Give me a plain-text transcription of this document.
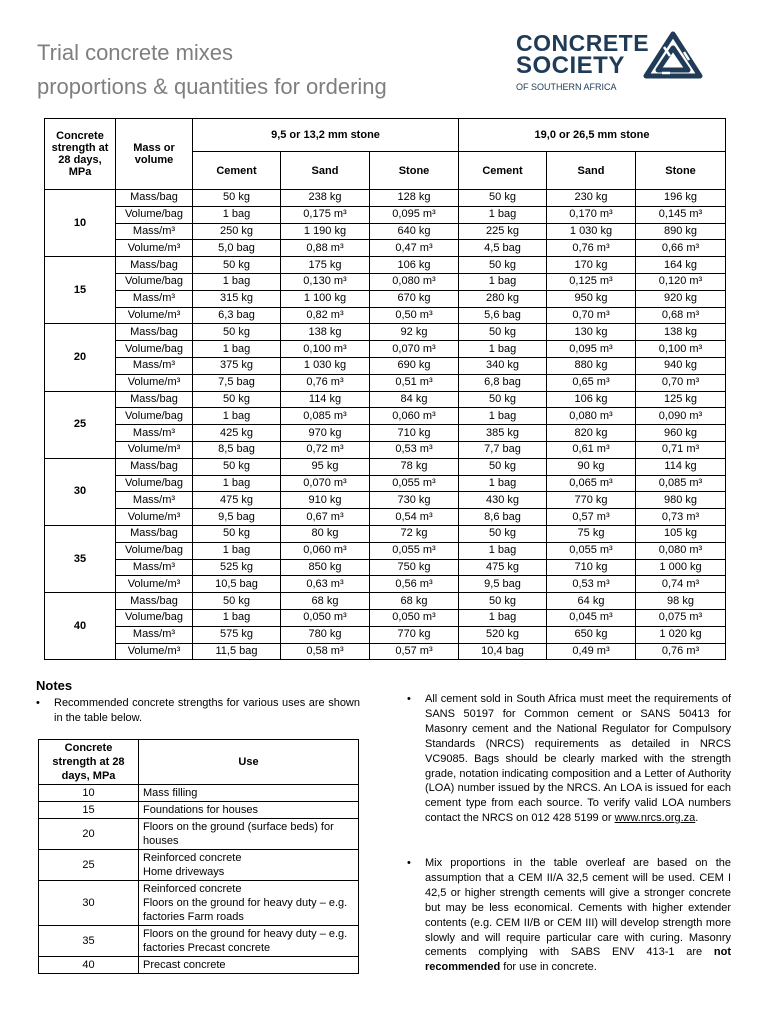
Trial concrete mixes
proportions & quantities for ordering
CONCRETE
SOCIETY
OF SOUTHERN AFRICA
Concrete strength at 28 days, MPa	Mass or volume	9,5 or 13,2 mm stone			19,0 or 26,5 mm stone		
		Cement	Sand	Stone	Cement	Sand	Stone
10	Mass/bag	50 kg	238 kg	128 kg	50 kg	230 kg	196 kg
	Volume/bag	1 bag	0,175 m³	0,095 m³	1 bag	0,170 m³	0,145 m³
	Mass/m³	250 kg	1 190 kg	640 kg	225 kg	1 030 kg	890 kg
	Volume/m³	5,0 bag	0,88 m³	0,47 m³	4,5 bag	0,76 m³	0,66 m³
15	Mass/bag	50 kg	175 kg	106 kg	50 kg	170 kg	164 kg
	Volume/bag	1 bag	0,130 m³	0,080 m³	1 bag	0,125 m³	0,120 m³
	Mass/m³	315 kg	1 100 kg	670 kg	280 kg	950 kg	920 kg
	Volume/m³	6,3 bag	0,82 m³	0,50 m³	5,6 bag	0,70 m³	0,68 m³
20	Mass/bag	50 kg	138 kg	92 kg	50 kg	130 kg	138 kg
	Volume/bag	1 bag	0,100 m³	0,070 m³	1 bag	0,095 m³	0,100 m³
	Mass/m³	375 kg	1 030 kg	690 kg	340 kg	880 kg	940 kg
	Volume/m³	7,5 bag	0,76 m³	0,51 m³	6,8 bag	0,65 m³	0,70 m³
25	Mass/bag	50 kg	114 kg	84 kg	50 kg	106 kg	125 kg
	Volume/bag	1 bag	0,085 m³	0,060 m³	1 bag	0,080 m³	0,090 m³
	Mass/m³	425 kg	970 kg	710 kg	385 kg	820 kg	960 kg
	Volume/m³	8,5 bag	0,72 m³	0,53 m³	7,7 bag	0,61 m³	0,71 m³
30	Mass/bag	50 kg	95 kg	78 kg	50 kg	90 kg	114 kg
	Volume/bag	1 bag	0,070 m³	0,055 m³	1 bag	0,065 m³	0,085 m³
	Mass/m³	475 kg	910 kg	730 kg	430 kg	770 kg	980 kg
	Volume/m³	9,5 bag	0,67 m³	0,54 m³	8,6 bag	0,57 m³	0,73 m³
35	Mass/bag	50 kg	80 kg	72 kg	50 kg	75 kg	105 kg
	Volume/bag	1 bag	0,060 m³	0,055 m³	1 bag	0,055 m³	0,080 m³
	Mass/m³	525 kg	850 kg	750 kg	475 kg	710 kg	1 000 kg
	Volume/m³	10,5 bag	0,63 m³	0,56 m³	9,5 bag	0,53 m³	0,74 m³
40	Mass/bag	50 kg	68 kg	68 kg	50 kg	64 kg	98 kg
	Volume/bag	1 bag	0,050 m³	0,050 m³	1 bag	0,045 m³	0,075 m³
	Mass/m³	575 kg	780 kg	770 kg	520 kg	650 kg	1 020 kg
	Volume/m³	11,5 bag	0,58 m³	0,57 m³	10,4 bag	0,49 m³	0,76 m³
Notes
• Recommended concrete strengths for various uses are shown in the table below.
Concrete strength at 28 days, MPa	Use
10	Mass filling

15	Foundations for houses

20	Floors on the ground (surface beds) for houses

25	Reinforced concrete
Home driveways

30	Reinforced concrete
Floors on the ground for heavy duty – e.g. factories Farm roads

35	Floors on the ground for heavy duty – e.g. factories Precast concrete

40	Precast concrete
• All cement sold in South Africa must meet the requirements of SANS 50197 for Common cement or SANS 50413 for Masonry cement and the National Regulator for Compulsory Standards (NRCS) requirements as detailed in NRCS VC9085. Bags should be clearly marked with the strength grade, notation indicating composition and a Letter of Authority (LOA) number issued by the NRCS. An LOA is issued for each cement type from each source. To verify valid LOA numbers contact the NRCS on 012 428 5199 or www.nrcs.org.za.
• Mix proportions in the table overleaf are based on the assumption that a CEM II/A 32,5 cement will be used. CEM I 42,5 or higher strength cements will give a stronger concrete but may be less economical. Cements with higher extender contents (e.g. CEM II/B or CEM III) will develop strength more slowly and will require particular care with curing. Masonry cements complying with SABS ENV 413-1 are not recommended for use in concrete.
